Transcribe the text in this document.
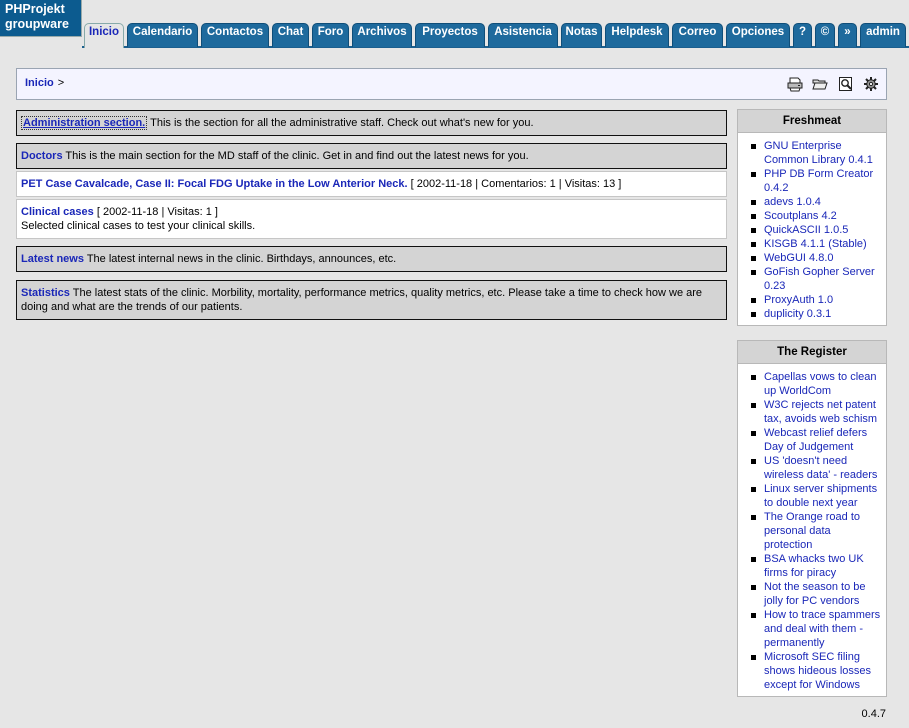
PHProjekt
groupware
Inicio	Calendario	Contactos	Chat	Foro	Archivos	Proyectos	Asistencia	Notas	Helpdesk	Correo	Opciones	?	©	»	admin
Inicio >
Administration section. This is the section for all the administrative staff. Check out what's new for you.
Doctors This is the main section for the MD staff of the clinic. Get in and find out the latest news for you.
PET Case Cavalcade, Case II: Focal FDG Uptake in the Low Anterior Neck. [ 2002-11-18 | Comentarios: 1 | Visitas: 13 ]
Clinical cases [ 2002-11-18 | Visitas: 1 ]
Selected clinical cases to test your clinical skills.
Latest news The latest internal news in the clinic. Birthdays, announces, etc.
Statistics The latest stats of the clinic. Morbility, mortality, performance metrics, quality metrics, etc. Please take a time to check how we are doing and what are the trends of our patients.
Freshmeat
GNU Enterprise Common Library 0.4.1
PHP DB Form Creator 0.4.2
adevs 1.0.4
Scoutplans 4.2
QuickASCII 1.0.5
KISGB 4.1.1 (Stable)
WebGUI 4.8.0
GoFish Gopher Server 0.23
ProxyAuth 1.0
duplicity 0.3.1
The Register
Capellas vows to clean up WorldCom
W3C rejects net patent tax, avoids web schism
Webcast relief defers Day of Judgement
US 'doesn't need wireless data' - readers
Linux server shipments to double next year
The Orange road to personal data protection
BSA whacks two UK firms for piracy
Not the season to be jolly for PC vendors
How to trace spammers and deal with them - permanently
Microsoft SEC filing shows hideous losses except for Windows
0.4.7
